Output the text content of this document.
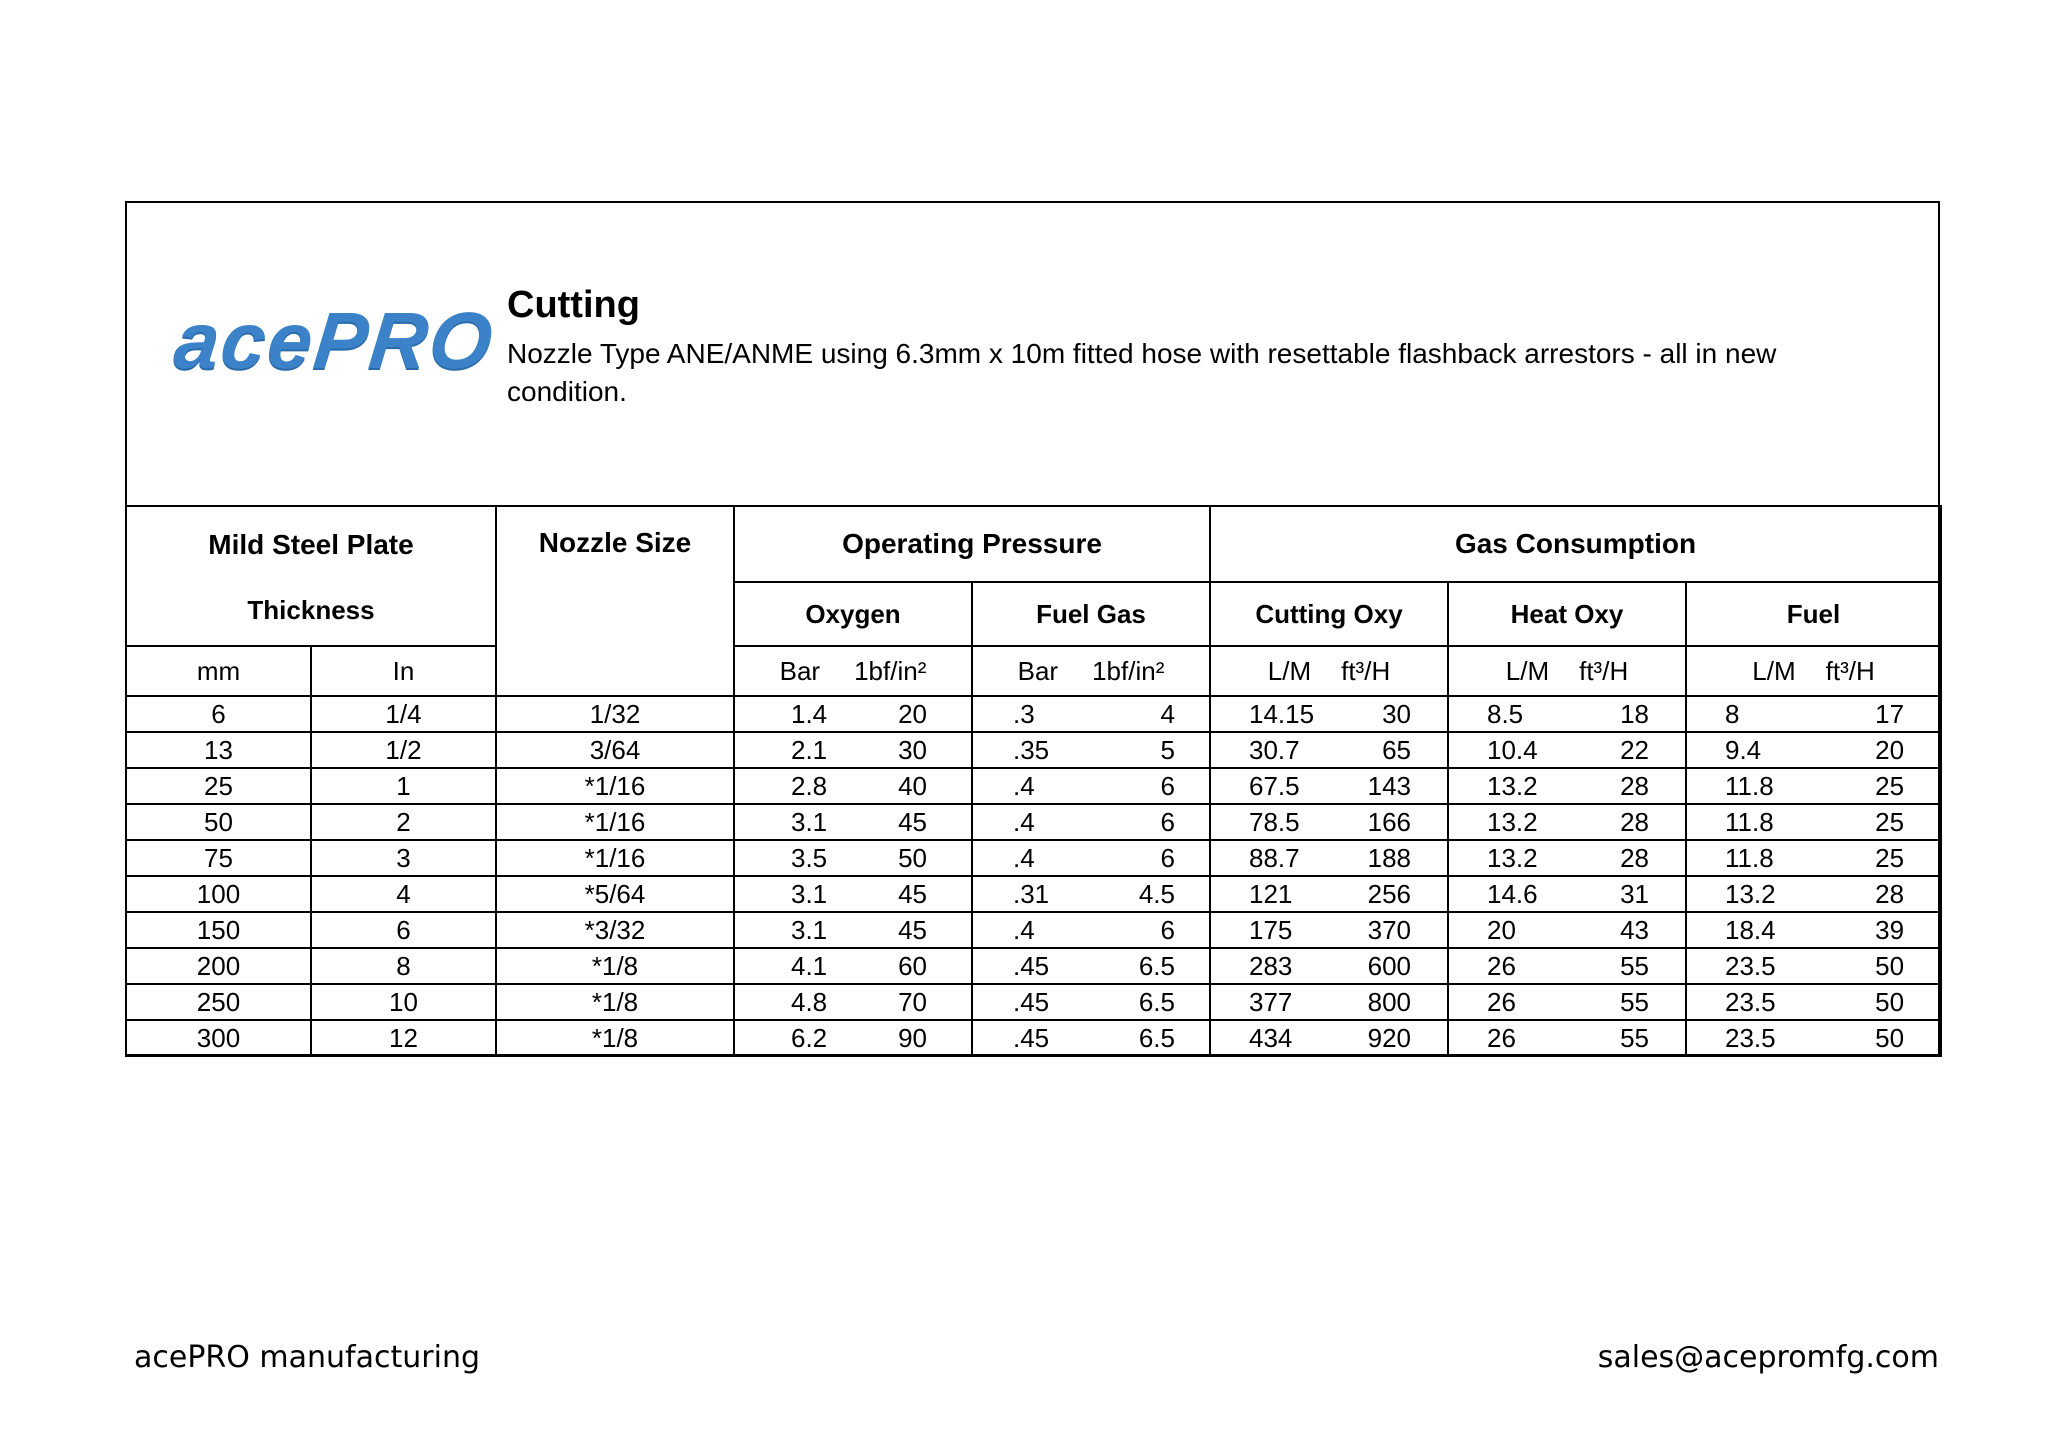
acePRO Cutting

Nozzle Type ANE/ANME using 6.3mm x 10m fitted hose with resettable flashback arrestors - all in new condition.

Mild Steel Plate
Thickness		Nozzle Size	Operating Pressure		Gas Consumption		
			Oxygen	Fuel Gas	Cutting Oxy	Heat Oxy	Fuel
mm	In		Bar 1bf/in²	Bar 1bf/in²	L/M ft³/H	L/M ft³/H	L/M ft³/H

6	1/4	1/32	1.4 20	.3 4	14.15 30	8.5 18	8 17

13	1/2	3/64	2.1 30	.35 5	30.7 65	10.4 22	9.4 20

25	1	*1/16	2.8 40	.4 6	67.5 143	13.2 28	11.8 25

50	2	*1/16	3.1 45	.4 6	78.5 166	13.2 28	11.8 25

75	3	*1/16	3.5 50	.4 6	88.7 188	13.2 28	11.8 25

100	4	*5/64	3.1 45	.31 4.5	121 256	14.6 31	13.2 28

150	6	*3/32	3.1 45	.4 6	175 370	20 43	18.4 39

200	8	*1/8	4.1 60	.45 6.5	283 600	26 55	23.5 50

250	10	*1/8	4.8 70	.45 6.5	377 800	26 55	23.5 50

300	12	*1/8	6.2 90	.45 6.5	434 920	26 55	23.5 50
acePRO manufacturing	sales@acepromfg.com
